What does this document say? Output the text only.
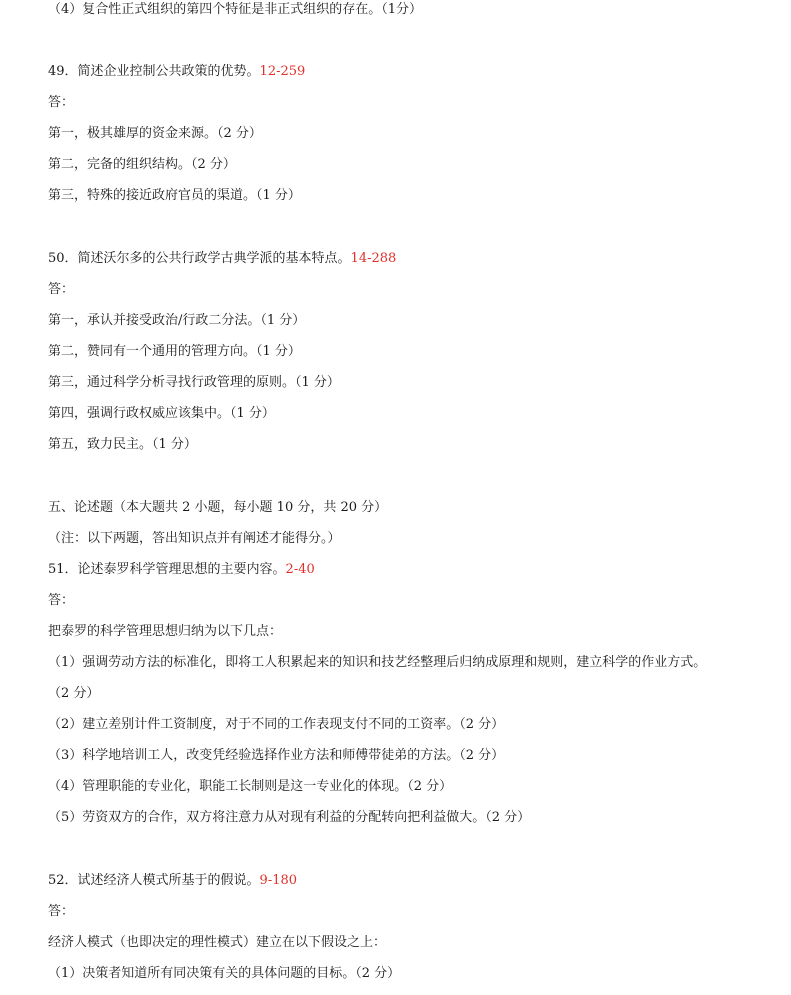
（4）复合性正式组织的第四个特征是非正式组织的存在。（1分）
49．简述企业控制公共政策的优势。12-259
答：
第一，极其雄厚的资金来源。（2 分）
第二，完备的组织结构。（2 分）
第三，特殊的接近政府官员的渠道。（1 分）
50．简述沃尔多的公共行政学古典学派的基本特点。14-288
答：
第一，承认并接受政治/行政二分法。（1 分）
第二，赞同有一个通用的管理方向。（1 分）
第三，通过科学分析寻找行政管理的原则。（1 分）
第四，强调行政权威应该集中。（1 分）
第五，致力民主。（1 分）
五、论述题（本大题共 2 小题，每小题 10 分，共 20 分）
（注：以下两题，答出知识点并有阐述才能得分。）
51．论述泰罗科学管理思想的主要内容。2-40
答：
把泰罗的科学管理思想归纳为以下几点：
（1）强调劳动方法的标准化，即将工人积累起来的知识和技艺经整理后归纳成原理和规则，建立科学的作业方式。
（2 分）
（2）建立差别计件工资制度，对于不同的工作表现支付不同的工资率。（2 分）
（3）科学地培训工人，改变凭经验选择作业方法和师傅带徒弟的方法。（2 分）
（4）管理职能的专业化，职能工长制则是这一专业化的体现。（2 分）
（5）劳资双方的合作，双方将注意力从对现有利益的分配转向把利益做大。（2 分）
52．试述经济人模式所基于的假说。9-180
答：
经济人模式（也即决定的理性模式）建立在以下假设之上：
（1）决策者知道所有同决策有关的具体问题的目标。（2 分）
